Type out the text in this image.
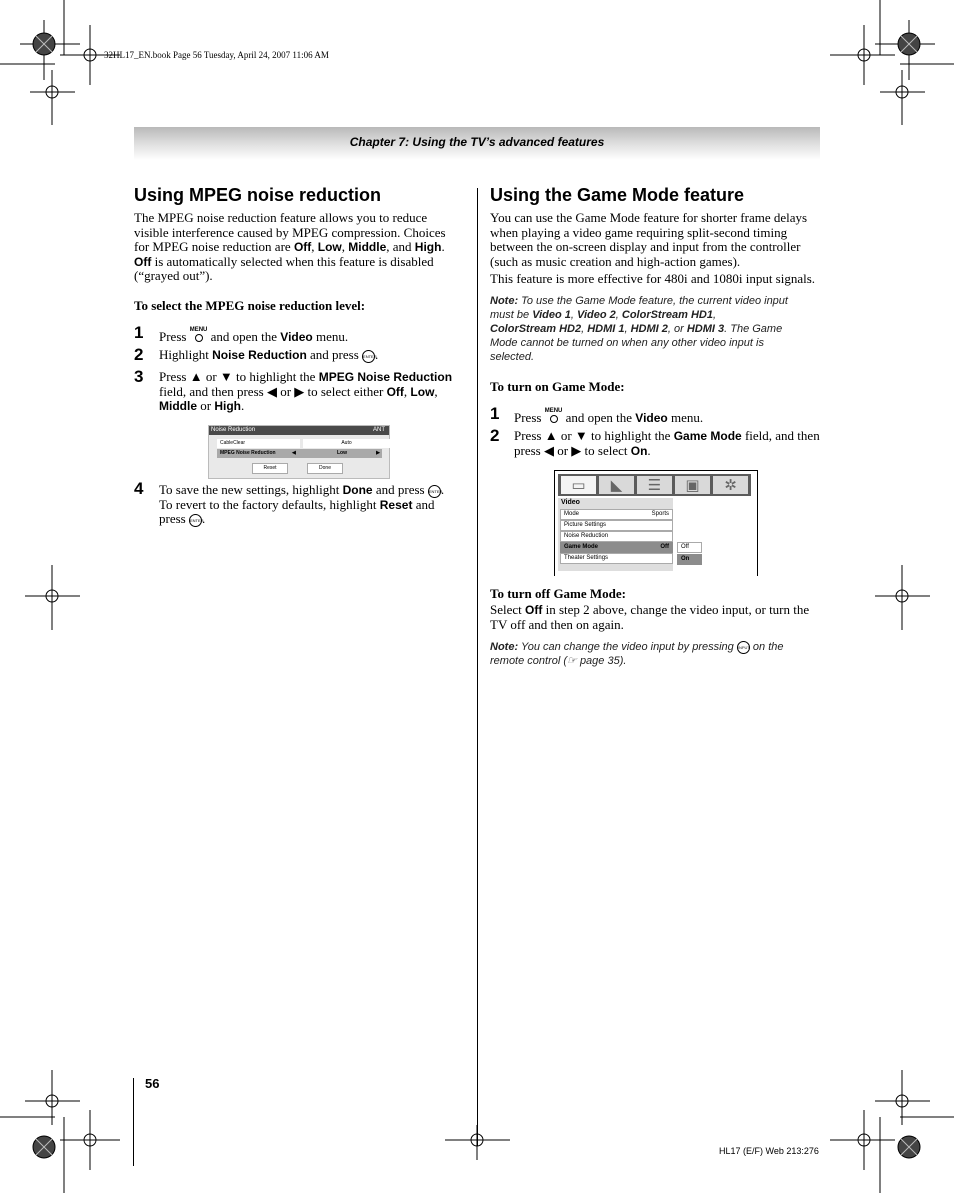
32HL17_EN.book Page 56 Tuesday, April 24, 2007 11:06 AM
Chapter 7: Using the TV’s advanced features
Using MPEG noise reduction
The MPEG noise reduction feature allows you to reduce
visible interference caused by MPEG compression. Choices
for MPEG noise reduction are Off, Low, Middle, and High.
Off is automatically selected when this feature is disabled
(“grayed out”).
To select the MPEG noise reduction level:
1 Press MENU and open the Video menu.
2 Highlight Noise Reduction and press ENTER.
3 Press ▲ or ▼ to highlight the MPEG Noise Reduction
field, and then press ◀ or ▶ to select either Off, Low,
Middle or High.
Noise Reduction	ANT
CableClear	Auto
MPEG Noise Reduction	◀	Low	▶
Reset	Done
4 To save the new settings, highlight Done and press ENTER.
To revert to the factory defaults, highlight Reset and
press ENTER.
Using the Game Mode feature
You can use the Game Mode feature for shorter frame delays
when playing a video game requiring split-second timing
between the on-screen display and input from the controller
(such as music creation and high-action games).
This feature is more effective for 480i and 1080i input signals.
Note: To use the Game Mode feature, the current video input
must be Video 1, Video 2, ColorStream HD1,
ColorStream HD2, HDMI 1, HDMI 2, or HDMI 3. The Game
Mode cannot be turned on when any other video input is
selected.
To turn on Game Mode:
1 Press MENU and open the Video menu.
2 Press ▲ or ▼ to highlight the Game Mode field, and then
press ◀ or ▶ to select On.
▭	◣	☰	▣	✲
Video
Mode	Sports
Picture Settings
Noise Reduction
Game Mode	Off
Theater Settings
Off
On
To turn off Game Mode:
Select Off in step 2 above, change the video input, or turn the
TV off and then on again.
Note: You can change the video input by pressing INPUT on the
remote control (☞ page 35).
56
HL17 (E/F) Web 213:276
